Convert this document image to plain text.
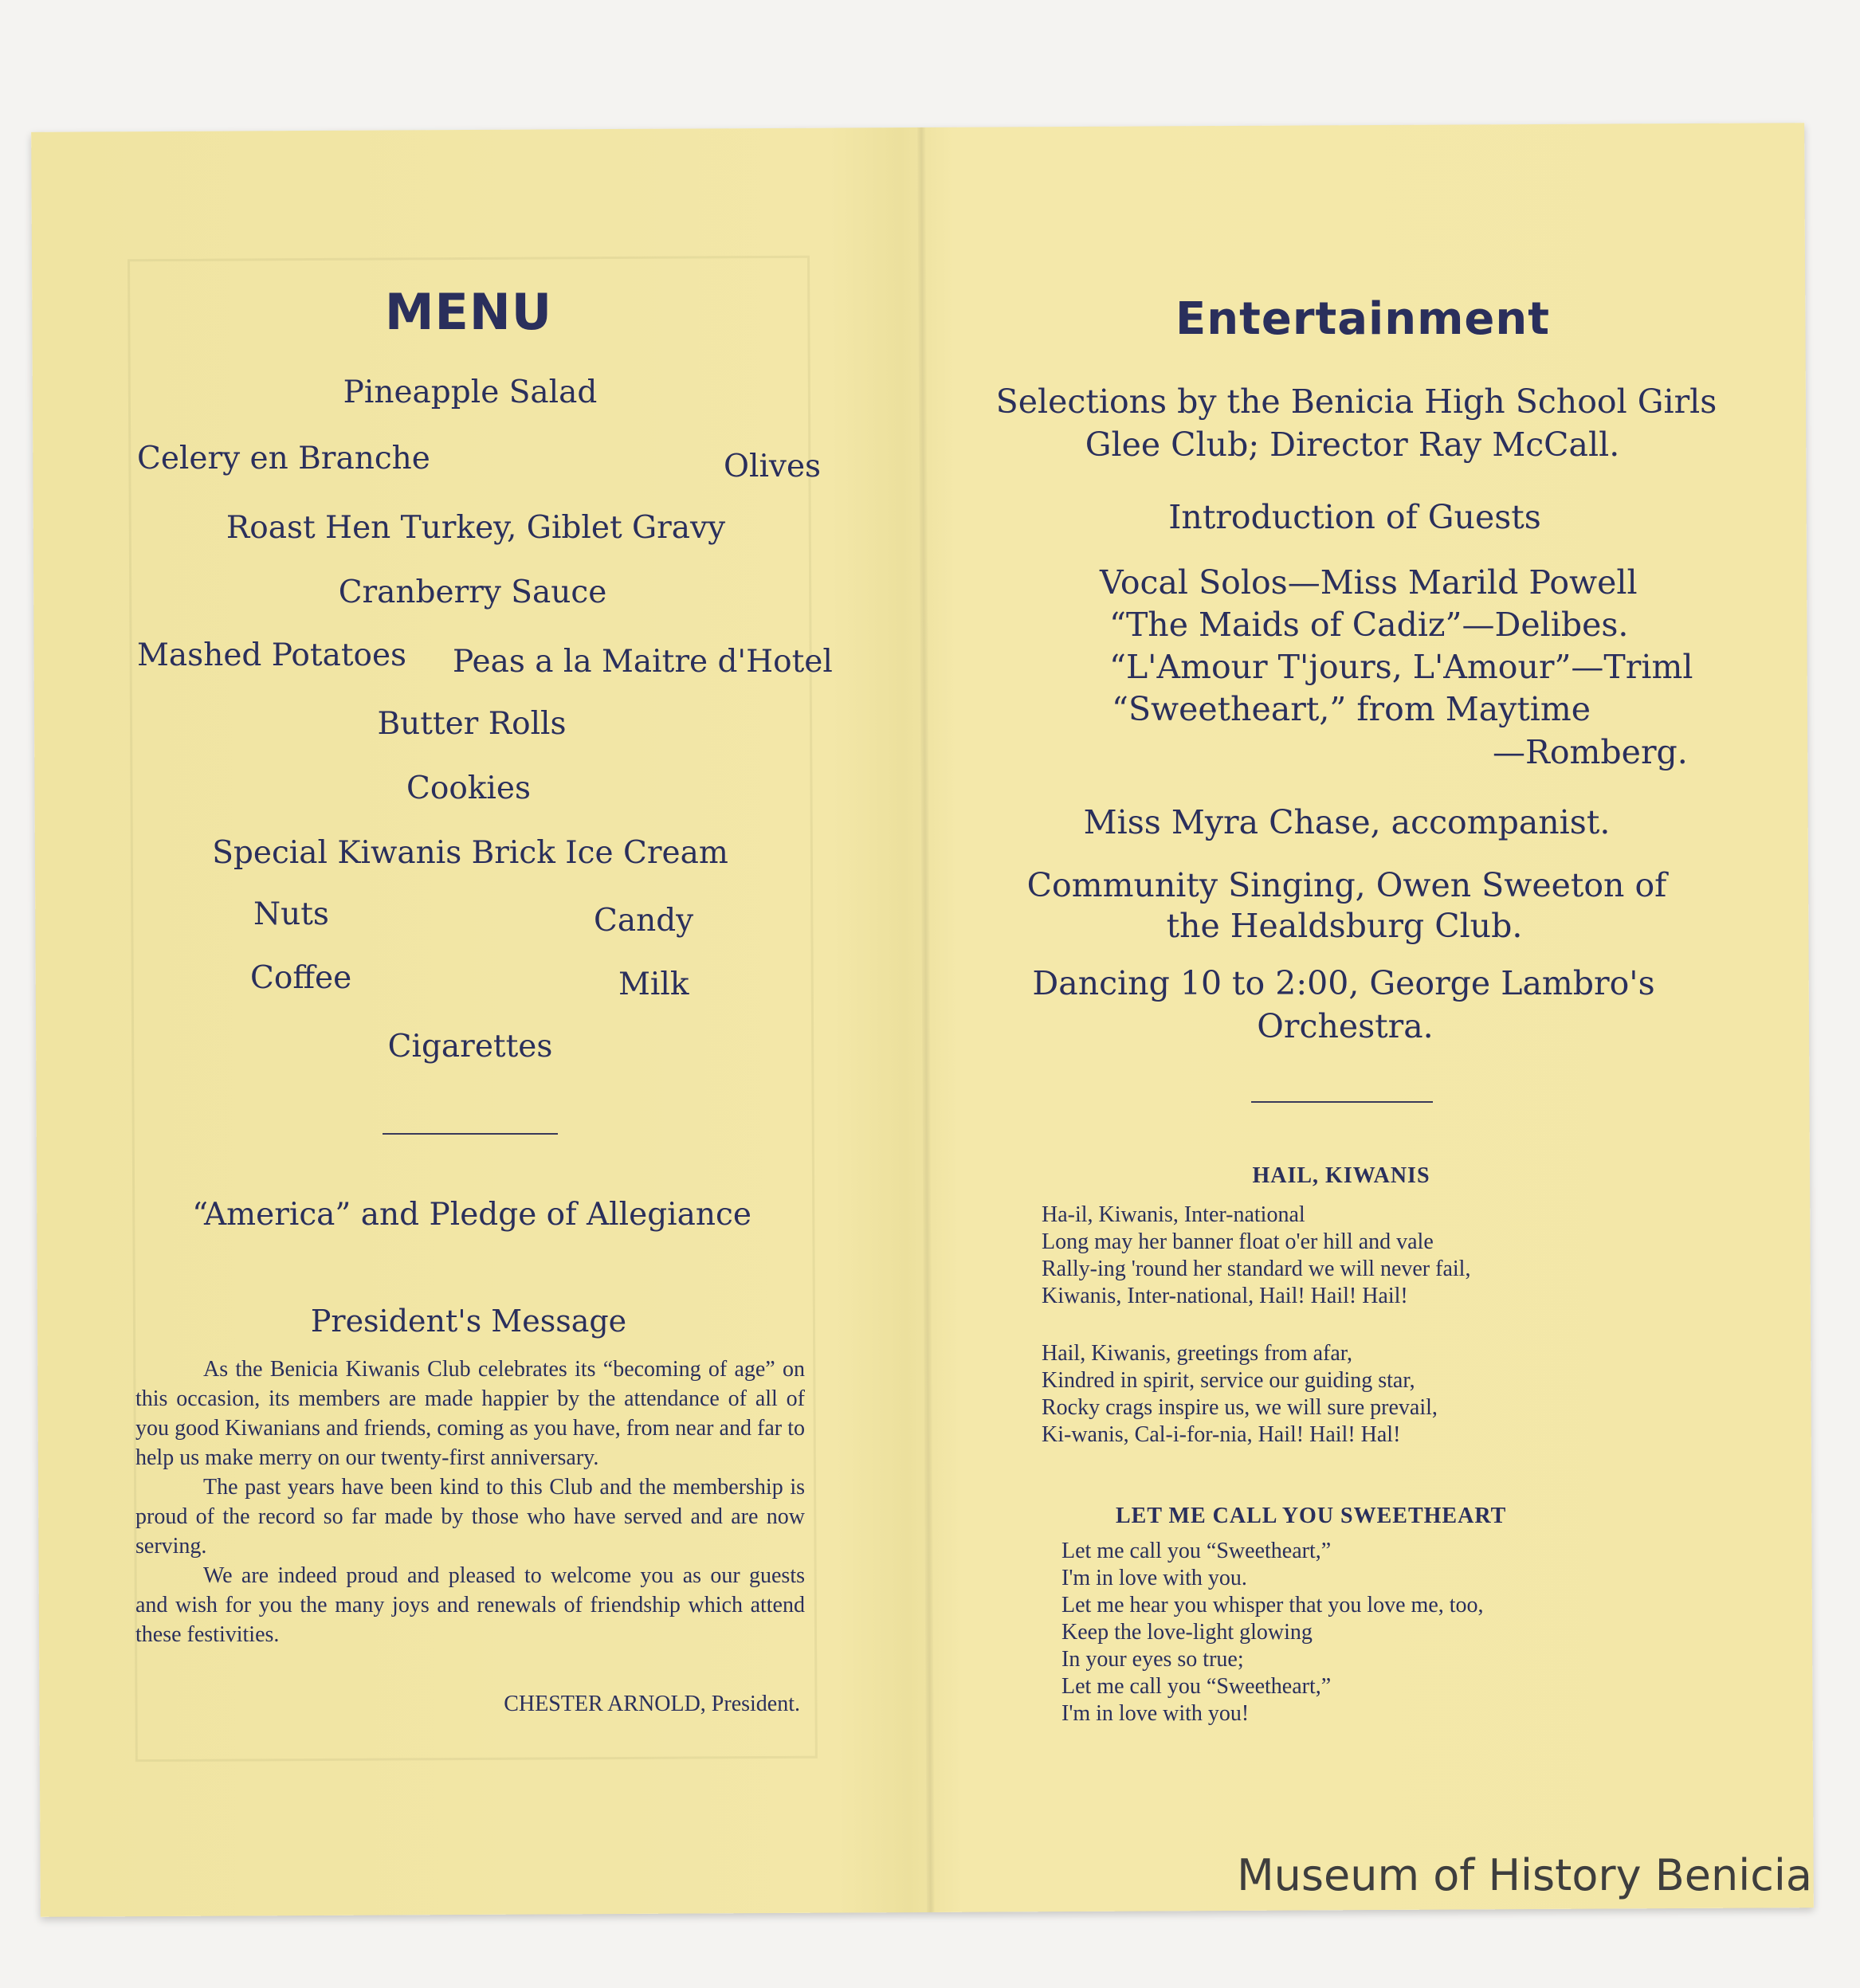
MENU
Pineapple Salad
Celery en Branche	Olives
Roast Hen Turkey, Giblet Gravy
Cranberry Sauce
Mashed Potatoes Peas a la Maitre d'Hotel
Butter Rolls
Cookies
Special Kiwanis Brick Ice Cream
Nuts	Candy
Coffee	Milk
Cigarettes
“America” and Pledge of Allegiance
President's Message

As the Benicia Kiwanis Club celebrates its “becoming of age” on this occasion, its members are made happier by the attendance of all of you good Kiwanians and friends, coming as you have, from near and far to help us make merry on our twenty-first anniversary.

The past years have been kind to this Club and the membership is proud of the record so far made by those who have served and are now serving.

We are indeed proud and pleased to welcome you as our guests and wish for you the many joys and renewals of friendship which attend these festivities.

CHESTER ARNOLD, President.
Entertainment
Selections by the Benicia High School Girls
Glee Club; Director Ray McCall.
Introduction of Guests
Vocal Solos—Miss Marild Powell
“The Maids of Cadiz”—Delibes.
“L'Amour T'jours, L'Amour”—Triml
“Sweetheart,” from Maytime
—Romberg.
Miss Myra Chase, accompanist.
Community Singing, Owen Sweeton of
the Healdsburg Club.
Dancing 10 to 2:00, George Lambro's
Orchestra.
HAIL, KIWANIS
Ha-il, Kiwanis, Inter-national
Long may her banner float o'er hill and vale
Rally-ing 'round her standard we will never fail,
Kiwanis, Inter-national, Hail! Hail! Hail!
Hail, Kiwanis, greetings from afar,
Kindred in spirit, service our guiding star,
Rocky crags inspire us, we will sure prevail,
Ki-wanis, Cal-i-for-nia, Hail! Hail! Hal!
LET ME CALL YOU SWEETHEART
Let me call you “Sweetheart,”
I'm in love with you.
Let me hear you whisper that you love me, too,
Keep the love-light glowing
In your eyes so true;
Let me call you “Sweetheart,”
I'm in love with you!
Museum of History Benicia
